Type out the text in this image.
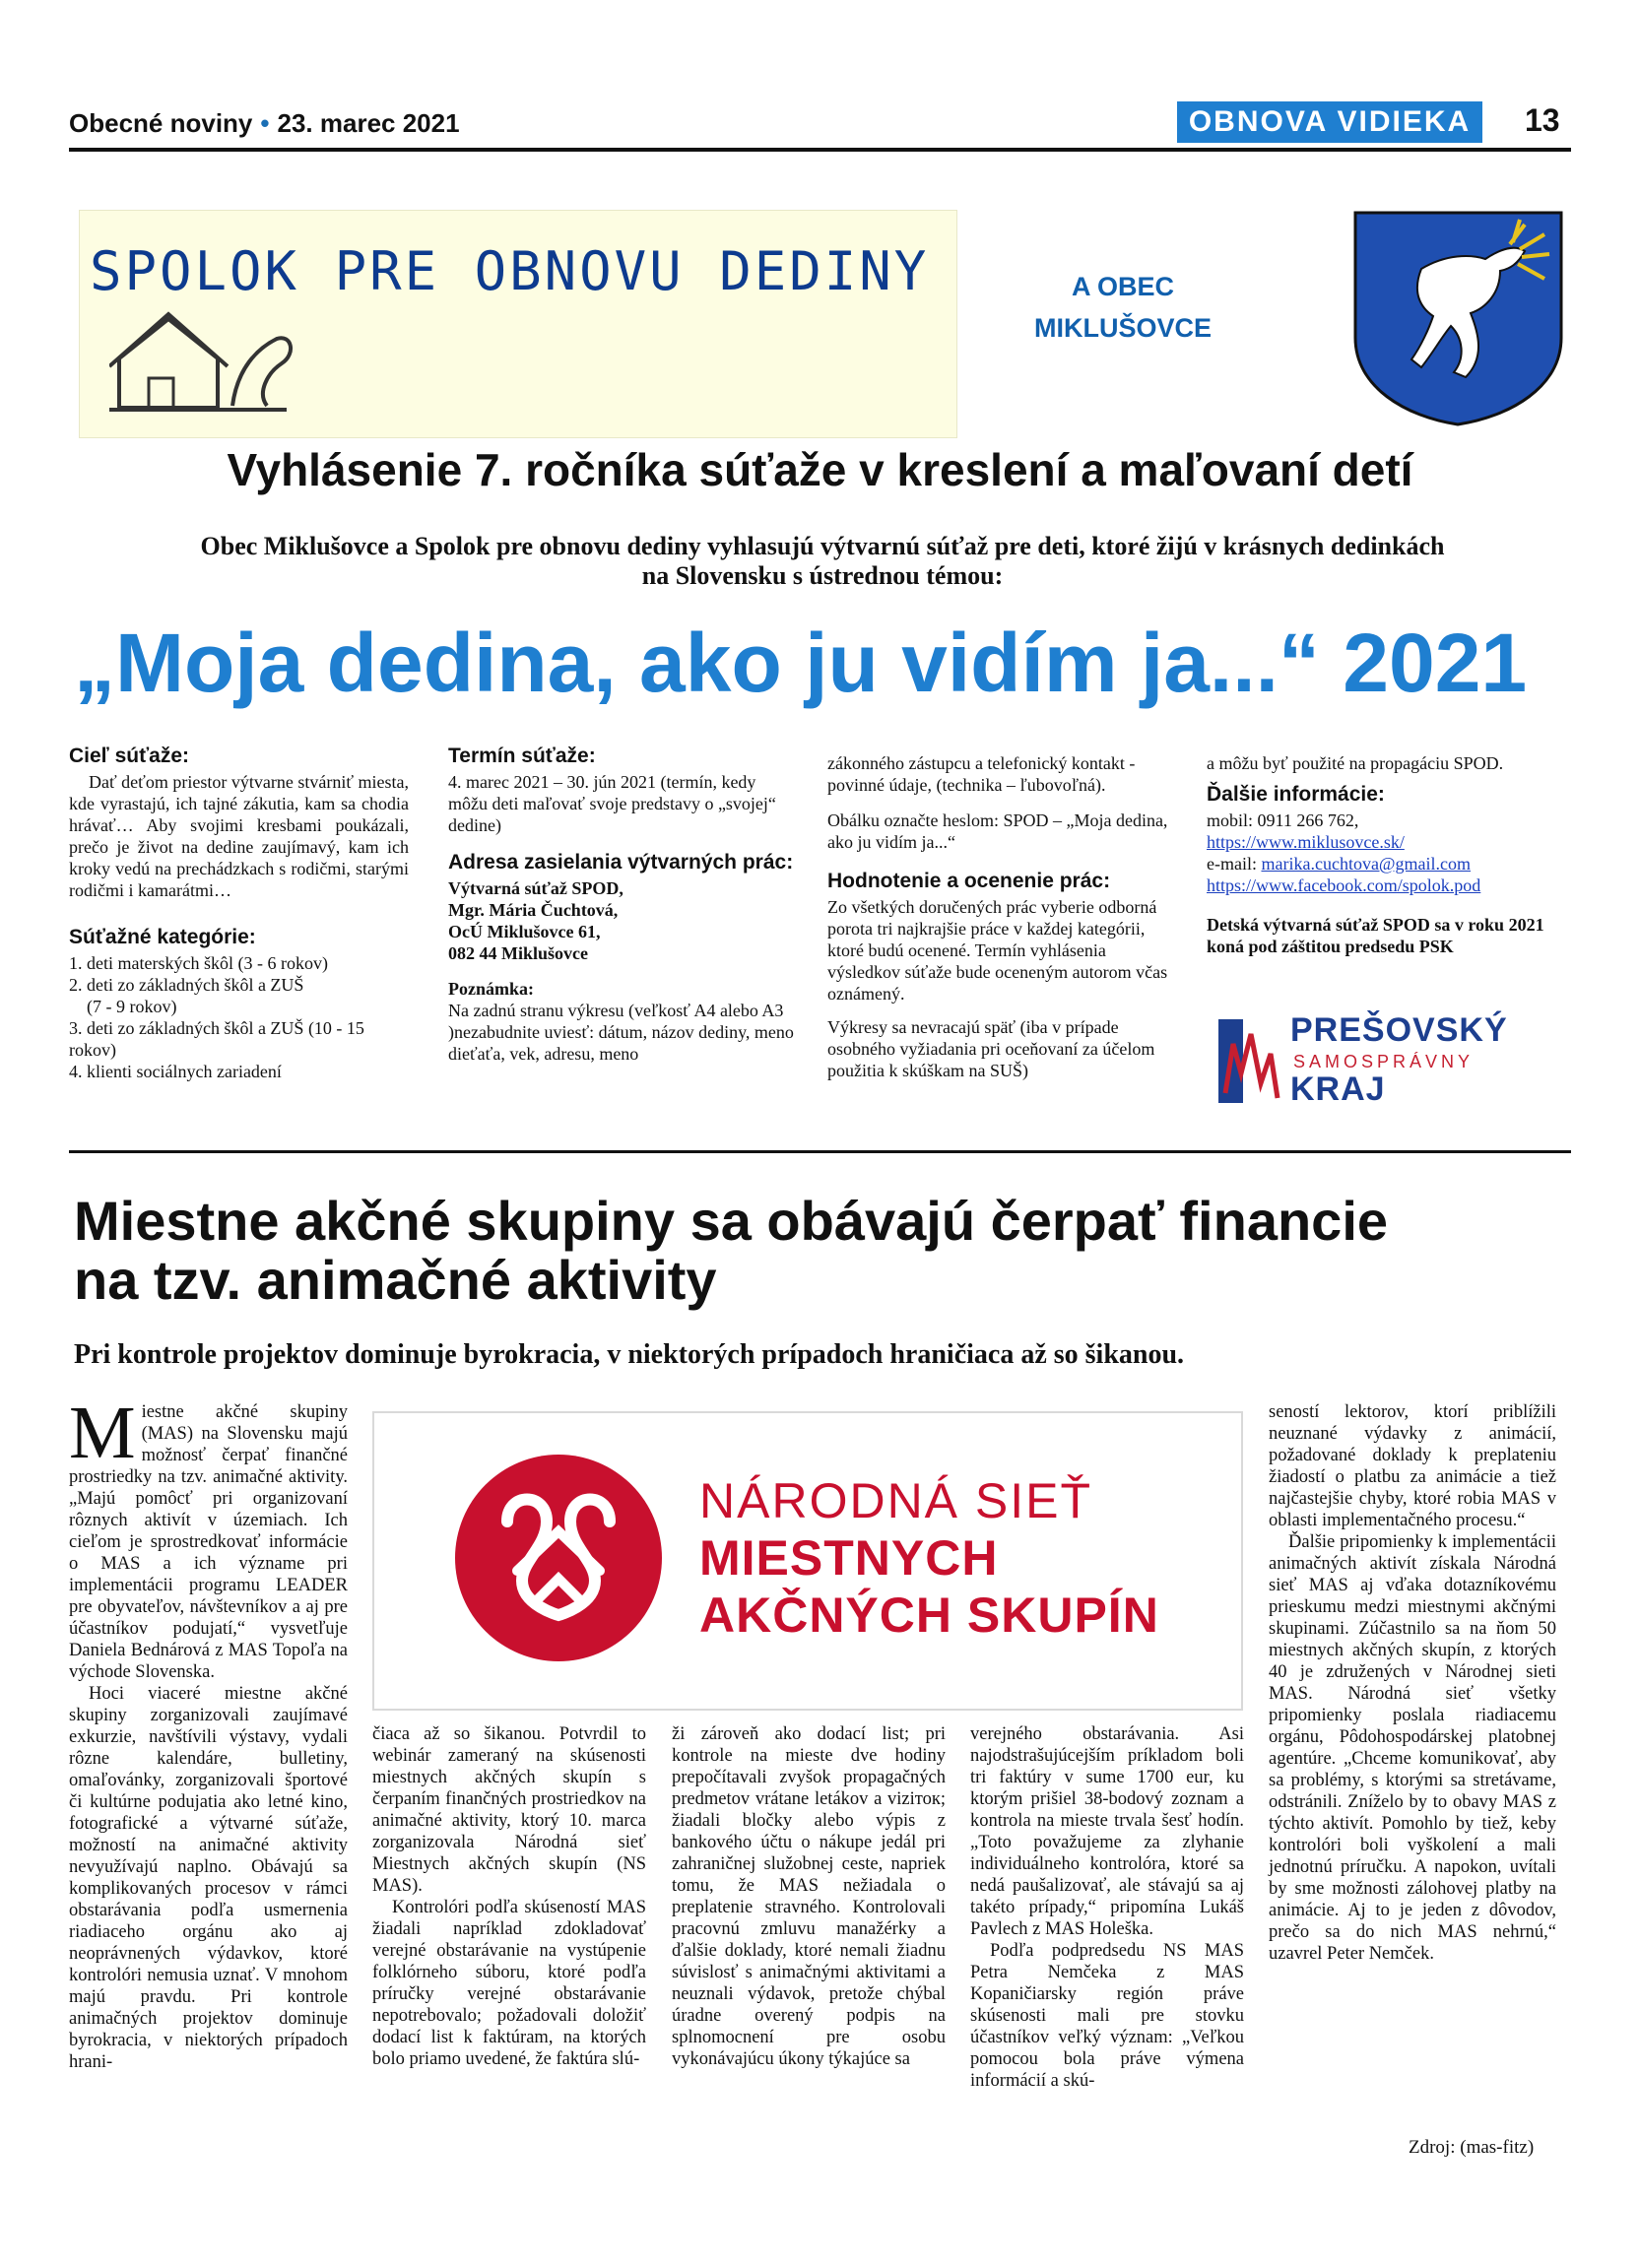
Obecné noviny • 23. marec 2021	OBNOVA VIDIEKA	13
SPOLOK PRE OBNOVU DEDINY	A OBEC
MIKLUŠOVCE
Vyhlásenie 7. ročníka súťaže v kreslení a maľovaní detí
Obec Miklušovce a Spolok pre obnovu dediny vyhlasujú výtvarnú súťaž pre deti, ktoré žijú v krásnych dedinkách
na Slovensku s ústrednou témou:
„Moja dedina, ako ju vidím ja...“ 2021
Cieľ súťaže:

Dať deťom priestor výtvarne stvárniť miesta, kde vyrastajú, ich tajné zákutia, kam sa chodia hrávať… Aby svojimi kresbami poukázali, prečo je život na dedine zaujímavý, kam ich kroky vedú na prechádzkach s rodičmi, starými rodičmi i kamarátmi…

Súťažné kategórie:
1. deti materských škôl (3 - 6 rokov)
2. deti zo základných škôl a ZUŠ
(7 - 9 rokov)
3. deti zo základných škôl a ZUŠ (10 - 15 rokov)
4. klienti sociálnych zariadení
Termín súťaže:

4. marec 2021 – 30. jún 2021 (termín, kedy môžu deti maľovať svoje predstavy o „svojej“ dedine)

Adresa zasielania výtvarných prác:
Výtvarná súťaž SPOD,
Mgr. Mária Čuchtová,
OcÚ Miklušovce 61,
082 44 Miklušovce
Poznámka:

Na zadnú stranu výkresu (veľkosť A4 alebo A3 )nezabudnite uviesť: dátum, názov dediny, meno dieťaťa, vek, adresu, meno

zákonného zástupcu a telefonický kontakt - povinné údaje, (technika – ľubovoľná).

Obálku označte heslom: SPOD – „Moja dedina, ako ju vidím ja...“

Hodnotenie a ocenenie prác:

Zo všetkých doručených prác vyberie odborná porota tri najkrajšie práce v každej kategórii, ktoré budú ocenené. Termín vyhlásenia výsledkov súťaže bude oceneným autorom včas oznámený.

Výkresy sa nevracajú späť (iba v prípade osobného vyžiadania pri oceňovaní za účelom použitia k skúškam na SUŠ)

a môžu byť použité na propagáciu SPOD.

Ďalšie informácie:
mobil: 0911 266 762,
https://www.miklusovce.sk/
e-mail: marika.cuchtova@gmail.com
https://www.facebook.com/spolok.pod

Detská výtvarná súťaž SPOD sa v roku 2021 koná pod záštitou predsedu PSK

PREŠOVSKÝ
SAMOSPRÁVNY
KRAJ
Miestne akčné skupiny sa obávajú čerpať financie
na tzv. animačné aktivity
Pri kontrole projektov dominuje byrokracia, v niektorých prípadoch hraničiaca až so šikanou.

Miestne akčné skupiny (MAS) na Slovensku majú možnosť čerpať finančné prostriedky na tzv. animačné aktivity. „Majú pomôcť pri organizovaní rôznych aktivít v územiach. Ich cieľom je sprostredkovať informácie o MAS a ich význame pri implementácii programu LEADER pre obyvateľov, návštevníkov a aj pre účastníkov podujatí,“ vysvetľuje Daniela Bednárová z MAS Topoľa na východe Slovenska.

Hoci viaceré miestne akčné skupiny zorganizovali zaujímavé exkurzie, navštívili výstavy, vydali rôzne kalendáre, bulletiny, omaľovánky, zorganizovali športové či kultúrne podujatia ako letné kino, fotografické a výtvarné súťaže, možností na animačné aktivity nevyužívajú naplno. Obávajú sa komplikovaných procesov v rámci obstarávania podľa usmernenia riadiaceho orgánu ako aj neoprávnených výdavkov, ktoré kontrolóri nemusia uznať. V mnohom majú pravdu. Pri kontrole animačných projektov dominuje byrokracia, v niektorých prípadoch hrani-

NÁRODNÁ SIEŤ
MIESTNYCH
AKČNÝCH SKUPÍN

čiaca až so šikanou. Potvrdil to webinár zameraný na skúsenosti miestnych akčných skupín s čerpaním finančných prostriedkov na animačné aktivity, ktorý 10. marca zorganizovala Národná sieť Miestnych akčných skupín (NS MAS).

Kontrolóri podľa skúseností MAS žiadali napríklad zdokladovať verejné obstarávanie na vystúpenie folklórneho súboru, ktoré podľa príručky verejné obstarávanie nepotrebovalo; požadovali doložiť dodací list k faktúram, na ktorých bolo priamo uvedené, že faktúra slú-

ži zároveň ako dodací list; pri kontrole na mieste dve hodiny prepočítavali zvyšok propagačných predmetov vrátane letákov a viziток; žiadali bločky alebo výpis z bankového účtu o nákupe jedál pri zahraničnej služobnej ceste, napriek tomu, že MAS nežiadala o preplatenie stravného. Kontrolovali pracovnú zmluvu manažérky a ďalšie doklady, ktoré nemali žiadnu súvislosť s animačnými aktivitami a neuznali výdavok, pretože chýbal úradne overený podpis na splnomocnení pre osobu vykonávajúcu úkony týkajúce sa

verejného obstarávania. Asi najodstrašujúcejším príkladom boli tri faktúry v sume 1700 eur, ku ktorým prišiel 38-bodový zoznam a kontrola na mieste trvala šesť hodín. „Toto považujeme za zlyhanie individuálneho kontrolóra, ktoré sa nedá paušalizovať, ale stávajú sa aj takéto prípady,“ pripomína Lukáš Pavlech z MAS Holeška.

Podľa podpredsedu NS MAS Petra Nemčeka z MAS Kopaničiarsky región práve skúsenosti mali pre stovku účastníkov veľký význam: „Veľkou pomocou bola práve výmena informácií a skú-

seností lektorov, ktorí priblížili neuznané výdavky z animácií, požadované doklady k preplateniu žiadostí o platbu za animácie a tiež najčastejšie chyby, ktoré robia MAS v oblasti implementačného procesu.“

Ďalšie pripomienky k implementácii animačných aktivít získala Národná sieť MAS aj vďaka dotazníkovému prieskumu medzi miestnymi akčnými skupinami. Zúčastnilo sa na ňom 50 miestnych akčných skupín, z ktorých 40 je združených v Národnej sieti MAS. Národná sieť všetky pripomienky poslala riadiacemu orgánu, Pôdohospodárskej platobnej agentúre. „Chceme komunikovať, aby sa problémy, s ktorými sa stretávame, odstránili. Zníželo by to obavy MAS z týchto aktivít. Pomohlo by tiež, keby kontrolóri boli vyškolení a mali jednotnú príručku. A napokon, uvítali by sme možnosti zálohovej platby na animácie. Aj to je jeden z dôvodov, prečo sa do nich MAS nehrnú,“ uzavrel Peter Nemček.

Zdroj: (mas-fitz)
